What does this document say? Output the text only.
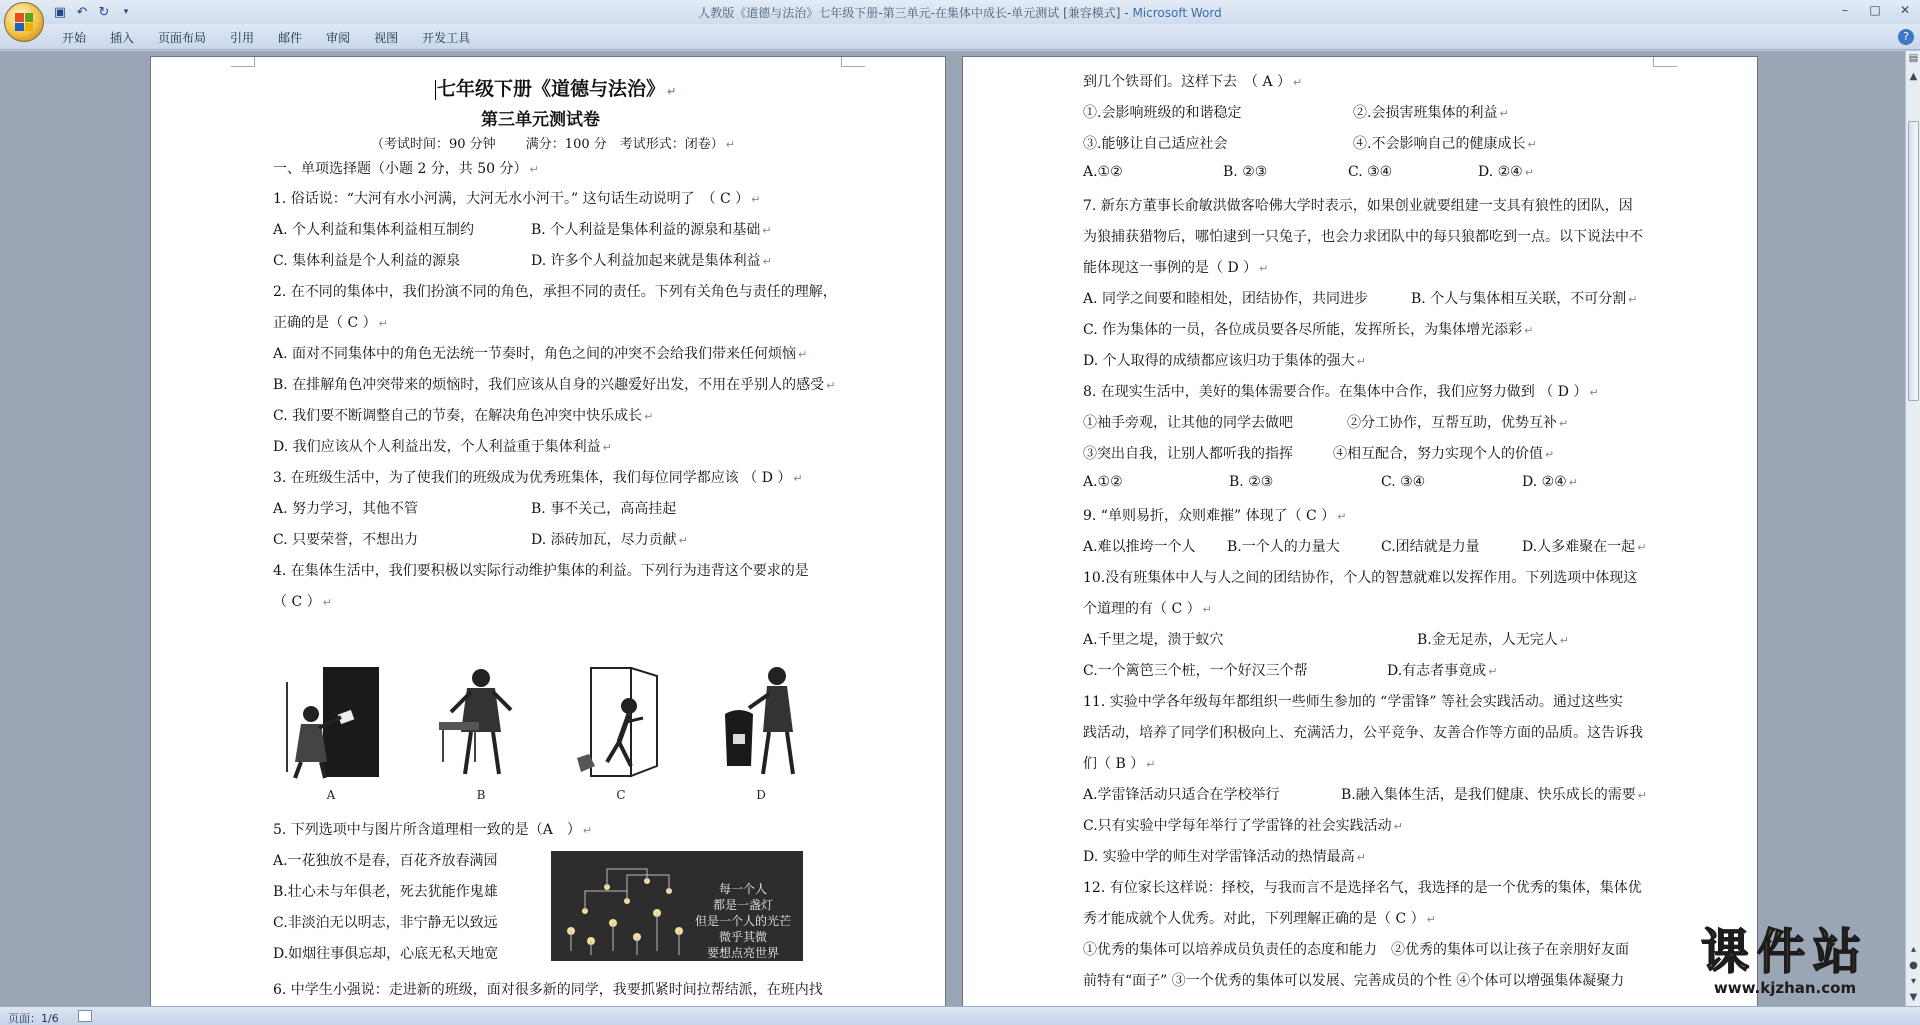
▣ ↶ ↻	▾	人教版《道德与法治》七年级下册-第三单元-在集体中成长-单元测试 [兼容模式] - Microsoft Word	–	□	✕
开始	插入	页面布局	引用	邮件	审阅	视图	开发工具	?
七年级下册《道德与法治》 ↵
第三单元测试卷
（考试时间：90 分钟 　　满分：100 分　考试形式：闭卷） ↵
一、单项选择题（小题 2 分，共 50 分） ↵
1. 俗话说：“大河有水小河满，大河无水小河干。” 这句话生动说明了　（ C ） ↵
A. 个人利益和集体利益相互制约	B. 个人利益是集体利益的源泉和基础 ↵
C. 集体利益是个人利益的源泉	D. 许多个人利益加起来就是集体利益 ↵
2. 在不同的集体中，我们扮演不同的角色，承担不同的责任。下列有关角色与责任的理解，
正确的是（ C ） ↵
A. 面对不同集体中的角色无法统一节奏时，角色之间的冲突不会给我们带来任何烦恼 ↵
B. 在排解角色冲突带来的烦恼时，我们应该从自身的兴趣爱好出发，不用在乎别人的感受 ↵
C. 我们要不断调整自己的节奏，在解决角色冲突中快乐成长 ↵
D. 我们应该从个人利益出发，个人利益重于集体利益 ↵
3. 在班级生活中，为了使我们的班级成为优秀班集体，我们每位同学都应该 （ D ） ↵
A. 努力学习，其他不管	B. 事不关己，高高挂起
C. 只要荣誉，不想出力	D. 添砖加瓦，尽力贡献 ↵
4. 在集体生活中，我们要积极以实际行动维护集体的利益。下列行为违背这个要求的是
（ C ） ↵
A	B	C	D
5. 下列选项中与图片所含道理相一致的是（A　） ↵
A.一花独放不是春，百花齐放春满园
B.壮心未与年俱老，死去犹能作鬼雄
C.非淡泊无以明志，非宁静无以致远
D.如烟往事俱忘却，心底无私天地宽
6. 中学生小强说：走进新的班级，面对很多新的同学，我要抓紧时间拉帮结派，在班内找
每一个人
都是一盏灯
但是一个人的光芒
微乎其微
要想点亮世界
到几个铁哥们。这样下去　（ A ） ↵
①.会影响班级的和谐稳定	②.会损害班集体的利益 ↵
③.能够让自己适应社会	④.不会影响自己的健康成长 ↵
A.①②	B. ②③	C. ③④	D. ②④ ↵
7. 新东方董事长俞敏洪做客哈佛大学时表示，如果创业就要组建一支具有狼性的团队，因
为狼捕获猎物后，哪怕逮到一只兔子，也会力求团队中的每只狼都吃到一点。以下说法中不
能体现这一事例的是（ D ） ↵
A. 同学之间要和睦相处，团结协作，共同进步	B. 个人与集体相互关联，不可分割 ↵
C. 作为集体的一员，各位成员要各尽所能，发挥所长，为集体增光添彩 ↵
D. 个人取得的成绩都应该归功于集体的强大 ↵
8. 在现实生活中，美好的集体需要合作。在集体中合作，我们应努力做到 （ D ） ↵
①袖手旁观，让其他的同学去做吧	②分工协作，互帮互助，优势互补 ↵
③突出自我，让别人都听我的指挥	④相互配合，努力实现个人的价值 ↵
A.①②	B. ②③	C. ③④	D. ②④ ↵
9. “单则易折，众则难摧” 体现了（ C ） ↵
A.难以推垮一个人 B.一个人的力量大	C.团结就是力量	D.人多难聚在一起 ↵
10.没有班集体中人与人之间的团结协作，个人的智慧就难以发挥作用。下列选项中体现这
个道理的有（ C ） ↵
A.千里之堤，溃于蚁穴	B.金无足赤，人无完人 ↵
C.一个篱笆三个桩，一个好汉三个帮	D.有志者事竟成 ↵
11. 实验中学各年级每年都组织一些师生参加的 “学雷锋” 等社会实践活动。通过这些实
践活动，培养了同学们积极向上、充满活力，公平竞争、友善合作等方面的品质。这告诉我
们（ B ） ↵
A.学雷锋活动只适合在学校举行	B.融入集体生活，是我们健康、快乐成长的需要 ↵
C.只有实验中学每年举行了学雷锋的社会实践活动 ↵
D. 实验中学的师生对学雷锋活动的热情最高 ↵
12. 有位家长这样说：择校，与我而言不是选择名气，我选择的是一个优秀的集体，集体优
秀才能成就个人优秀。对此，下列理解正确的是（ C ） ↵
①优秀的集体可以培养成员负责任的态度和能力　②优秀的集体可以让孩子在亲朋好友面
前特有“面子” ③一个优秀的集体可以发展、完善成员的个性 ④个体可以增强集体凝聚力
▤
▲
▴
●
▾
▼
页面：1/6
课件站
www.kjzhan.com
